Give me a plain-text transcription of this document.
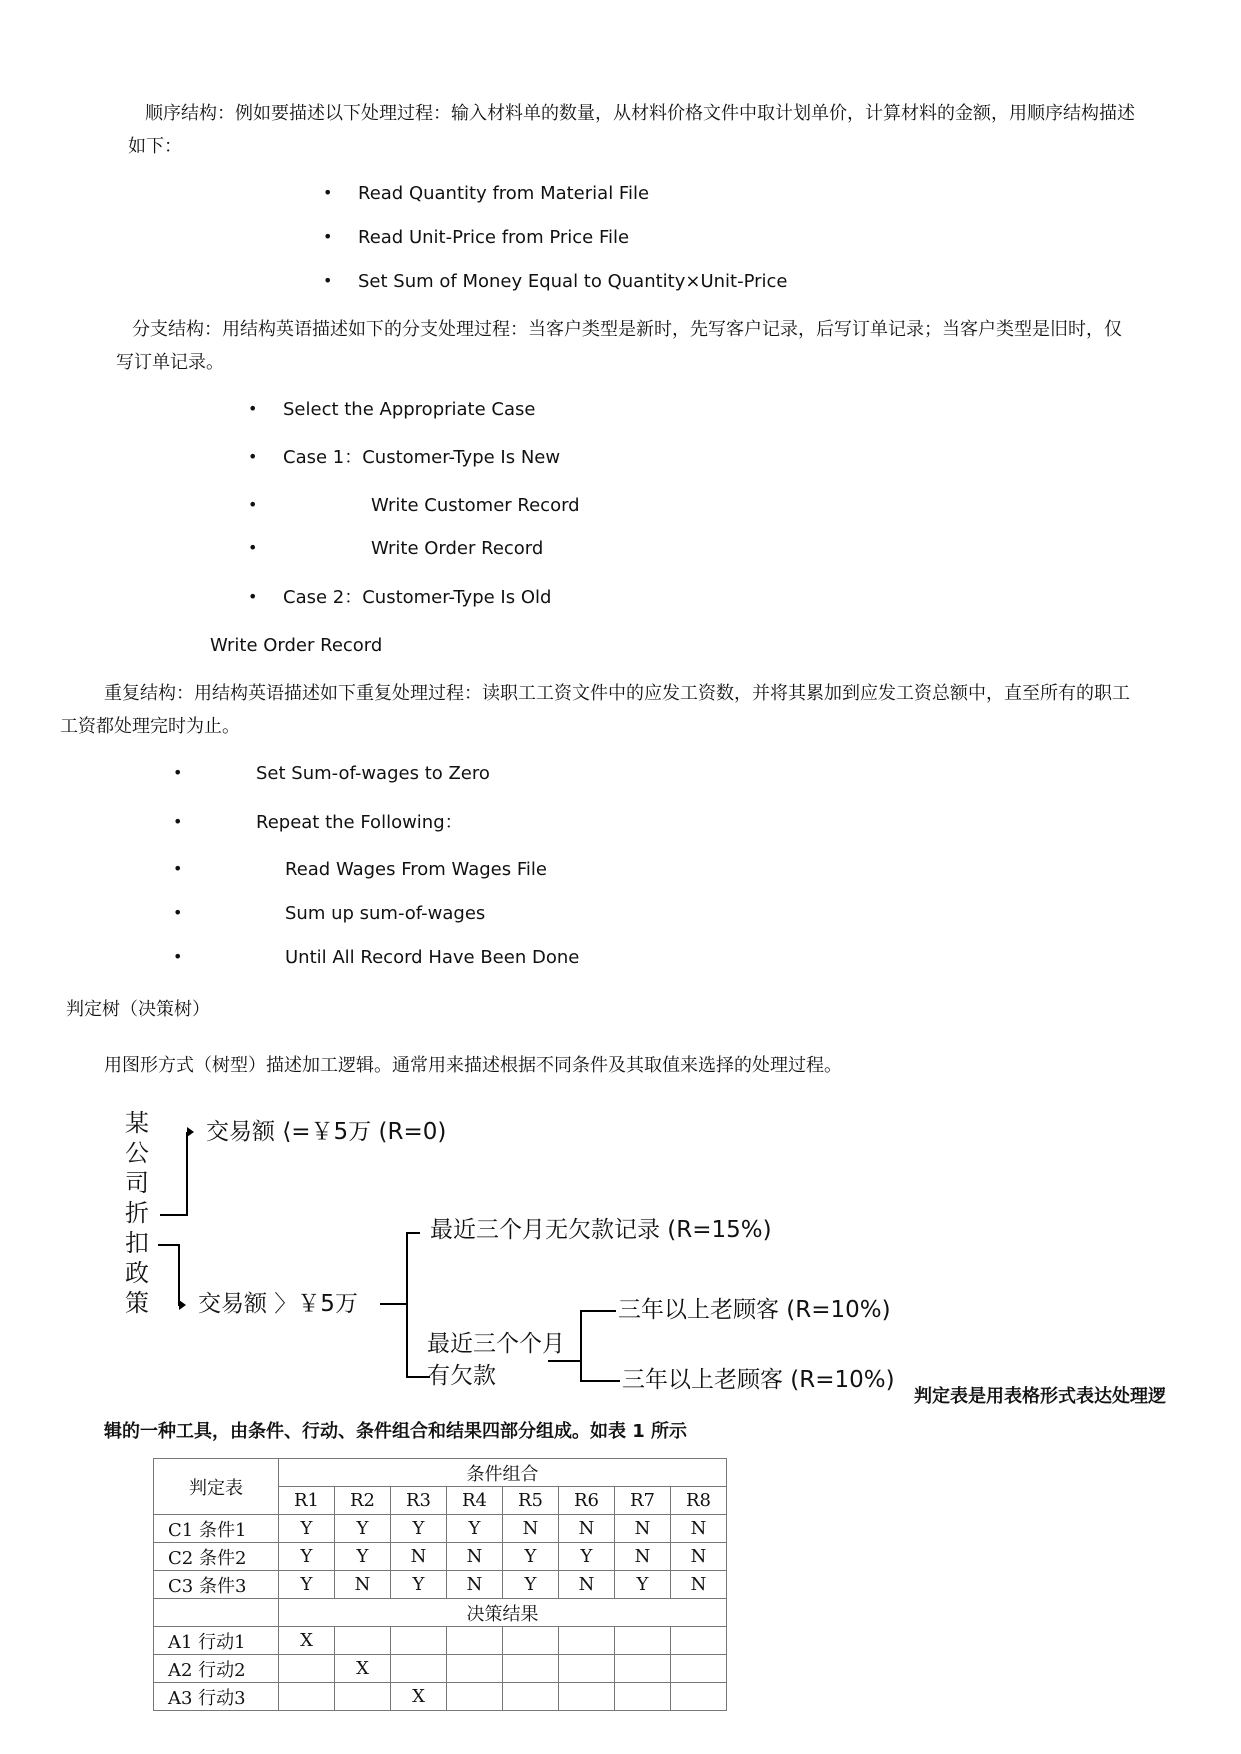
顺序结构：例如要描述以下处理过程：输入材料单的数量，从材料价格文件中取计划单价，计算材料的金额，用顺序结构描述
如下：
• Read Quantity from Material File
• Read Unit-Price from Price File
• Set Sum of Money Equal to Quantity×Unit-Price
分支结构：用结构英语描述如下的分支处理过程：当客户类型是新时，先写客户记录，后写订单记录；当客户类型是旧时，仅
写订单记录。
• Select the Appropriate Case
• Case 1：Customer-Type Is New
•	Write Customer Record
•	Write Order Record
• Case 2：Customer-Type Is Old
Write Order Record
重复结构：用结构英语描述如下重复处理过程：读职工工资文件中的应发工资数，并将其累加到应发工资总额中，直至所有的职工
工资都处理完时为止。
•	Set Sum-of-wages to Zero
•	Repeat the Following：
•	Read Wages From Wages File
•	Sum up sum-of-wages
•	Until All Record Have Been Done
判定树（决策树）
用图形方式（树型）描述加工逻辑。通常用来描述根据不同条件及其取值来选择的处理过程。
某
公
司
折
扣
政
策
交易额 ⟨=￥5万 (R=0)
交易额 〉￥5万
最近三个月无欠款记录 (R=15%)
最近三个个月
有欠款
三年以上老顾客 (R=10%)
三年以上老顾客 (R=10%)
判定表是用表格形式表达处理逻
辑的一种工具，由条件、行动、条件组合和结果四部分组成。如表 1 所示
判定表	条件组合							
	R1	R2	R3	R4	R5	R6	R7	R8
C1 条件1	Y	Y	Y	Y	N	N	N	N
C2 条件2	Y	Y	N	N	Y	Y	N	N
C3 条件3	Y	N	Y	N	Y	N	Y	N
	决策结果							
A1 行动1	X							
A2 行动2		X						
A3 行动3			X					
